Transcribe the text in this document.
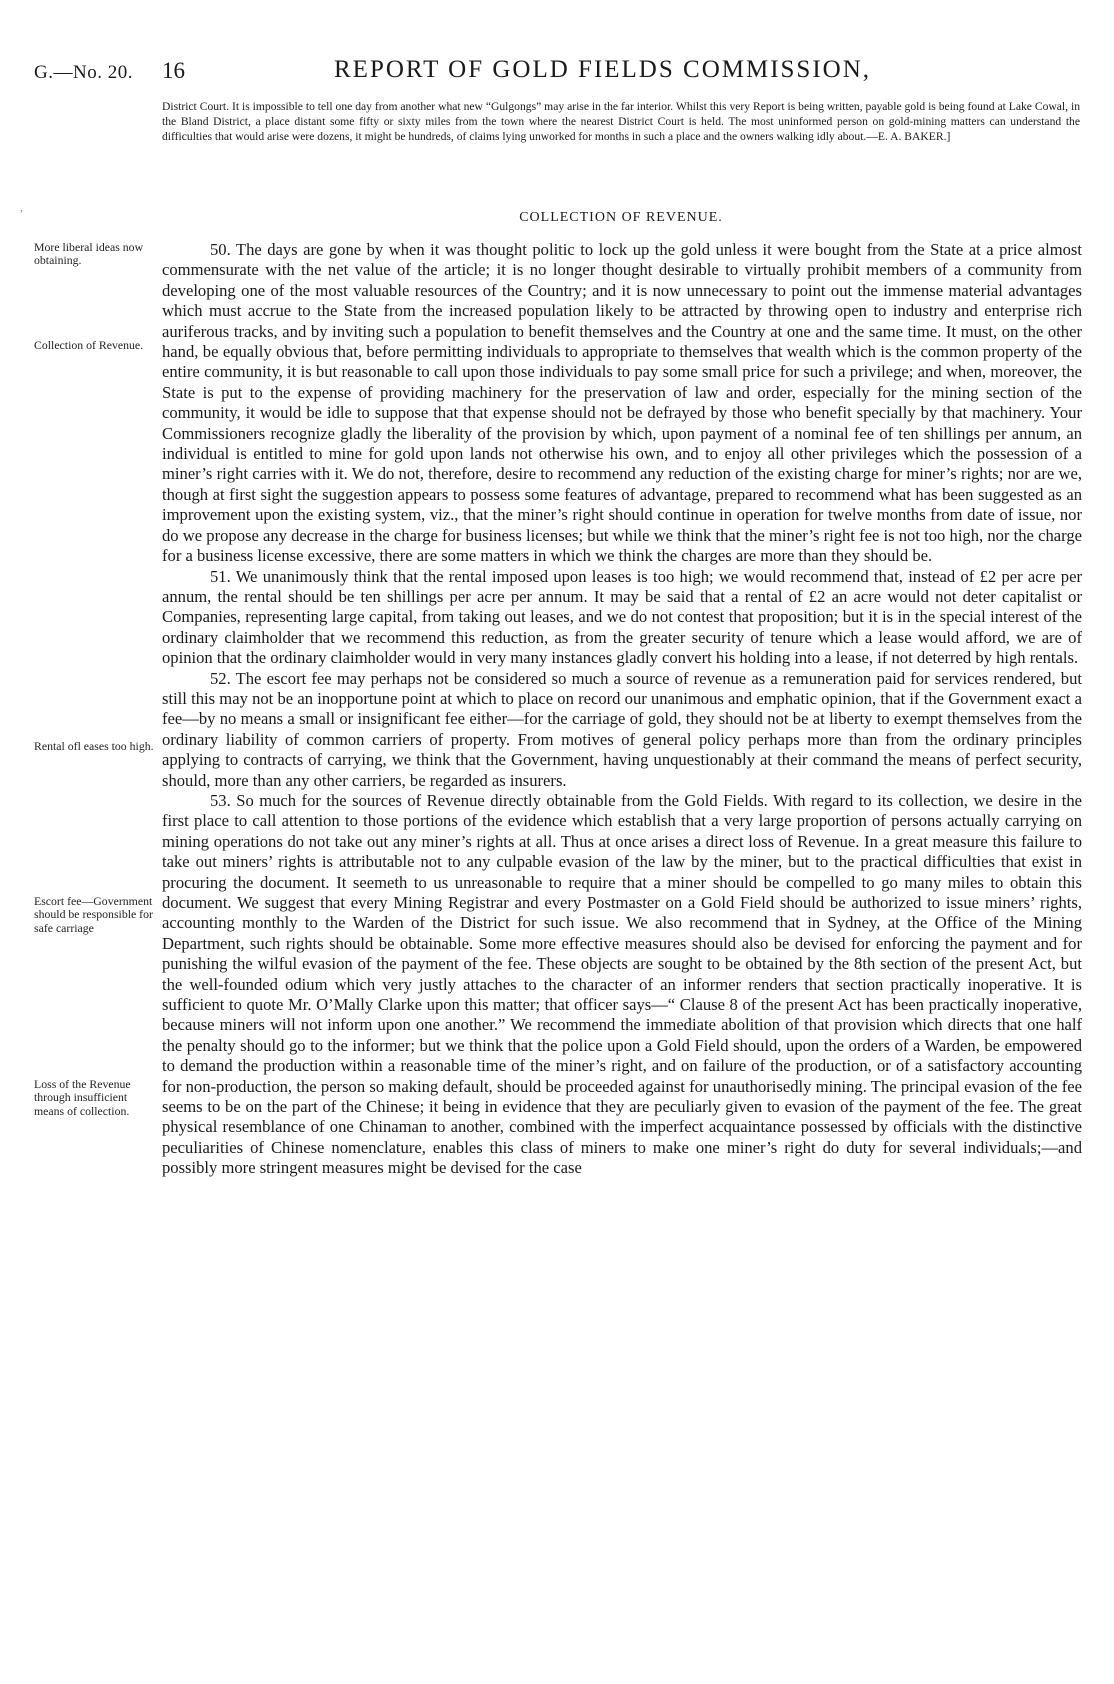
G.—No. 20. 16	REPORT OF GOLD FIELDS COMMISSION,
District Court. It is impossible to tell one day from another what new “Gulgongs” may arise in the far interior. Whilst this very Report is being written, payable gold is being found at Lake Cowal, in the Bland District, a place distant some fifty or sixty miles from the town where the nearest District Court is held. The most uninformed person on gold-mining matters can understand the difficulties that would arise were dozens, it might be hundreds, of claims lying unworked for months in such a place and the owners walking idly about.—E. A. BAKER.]
,
COLLECTION OF REVENUE.
More liberal ideas now obtaining.
Collection of Revenue.
Rental ofl eases too high.
Escort fee—Government should be responsible for safe carriage
Loss of the Revenue through insufficient means of collection.

50. The days are gone by when it was thought politic to lock up the gold unless it were bought from the State at a price almost commensurate with the net value of the article; it is no longer thought desirable to virtually prohibit members of a community from developing one of the most valuable resources of the Country; and it is now unnecessary to point out the immense material advantages which must accrue to the State from the increased population likely to be attracted by throwing open to industry and enterprise rich auriferous tracks, and by inviting such a population to benefit themselves and the Country at one and the same time. It must, on the other hand, be equally obvious that, before permitting individuals to appropriate to themselves that wealth which is the common property of the entire community, it is but reasonable to call upon those individuals to pay some small price for such a privilege; and when, moreover, the State is put to the expense of providing machinery for the preservation of law and order, especially for the mining section of the community, it would be idle to suppose that that expense should not be defrayed by those who benefit specially by that machinery. Your Commissioners recognize gladly the liberality of the provision by which, upon payment of a nominal fee of ten shillings per annum, an individual is entitled to mine for gold upon lands not otherwise his own, and to enjoy all other privileges which the possession of a miner’s right carries with it. We do not, therefore, desire to recommend any reduction of the existing charge for miner’s rights; nor are we, though at first sight the suggestion appears to possess some features of advantage, prepared to recommend what has been suggested as an improvement upon the existing system, viz., that the miner’s right should continue in operation for twelve months from date of issue, nor do we propose any decrease in the charge for business licenses; but while we think that the miner’s right fee is not too high, nor the charge for a business license excessive, there are some matters in which we think the charges are more than they should be.

51. We unanimously think that the rental imposed upon leases is too high; we would recommend that, instead of £2 per acre per annum, the rental should be ten shillings per acre per annum. It may be said that a rental of £2 an acre would not deter capitalist or Companies, representing large capital, from taking out leases, and we do not contest that proposition; but it is in the special interest of the ordinary claimholder that we recommend this reduction, as from the greater security of tenure which a lease would afford, we are of opinion that the ordinary claimholder would in very many instances gladly convert his holding into a lease, if not deterred by high rentals.

52. The escort fee may perhaps not be considered so much a source of revenue as a remuneration paid for services rendered, but still this may not be an inopportune point at which to place on record our unanimous and emphatic opinion, that if the Government exact a fee—by no means a small or insignificant fee either—for the carriage of gold, they should not be at liberty to exempt themselves from the ordinary liability of common carriers of property. From motives of general policy perhaps more than from the ordinary principles applying to contracts of carrying, we think that the Government, having unquestionably at their command the means of perfect security, should, more than any other carriers, be regarded as insurers.

53. So much for the sources of Revenue directly obtainable from the Gold Fields. With regard to its collection, we desire in the first place to call attention to those portions of the evidence which establish that a very large proportion of persons actually carrying on mining operations do not take out any miner’s rights at all. Thus at once arises a direct loss of Revenue. In a great measure this failure to take out miners’ rights is attributable not to any culpable evasion of the law by the miner, but to the practical difficulties that exist in procuring the document. It seemeth to us unreasonable to require that a miner should be compelled to go many miles to obtain this document. We suggest that every Mining Registrar and every Postmaster on a Gold Field should be authorized to issue miners’ rights, accounting monthly to the Warden of the District for such issue. We also recommend that in Sydney, at the Office of the Mining Department, such rights should be obtainable. Some more effective measures should also be devised for enforcing the payment and for punishing the wilful evasion of the payment of the fee. These objects are sought to be obtained by the 8th section of the present Act, but the well-founded odium which very justly attaches to the character of an informer renders that section practically inoperative. It is sufficient to quote Mr. O’Mally Clarke upon this matter; that officer says—“ Clause 8 of the present Act has been practically inoperative, because miners will not inform upon one another.” We recommend the immediate abolition of that provision which directs that one half the penalty should go to the informer; but we think that the police upon a Gold Field should, upon the orders of a Warden, be empowered to demand the production within a reasonable time of the miner’s right, and on failure of the production, or of a satisfactory accounting for non-production, the person so making default, should be proceeded against for unauthorisedly mining. The principal evasion of the fee seems to be on the part of the Chinese; it being in evidence that they are peculiarly given to evasion of the payment of the fee. The great physical resemblance of one Chinaman to another, combined with the imperfect acquaintance possessed by officials with the distinctive peculiarities of Chinese nomenclature, enables this class of miners to make one miner’s right do duty for several individuals;—and possibly more stringent measures might be devised for the case
